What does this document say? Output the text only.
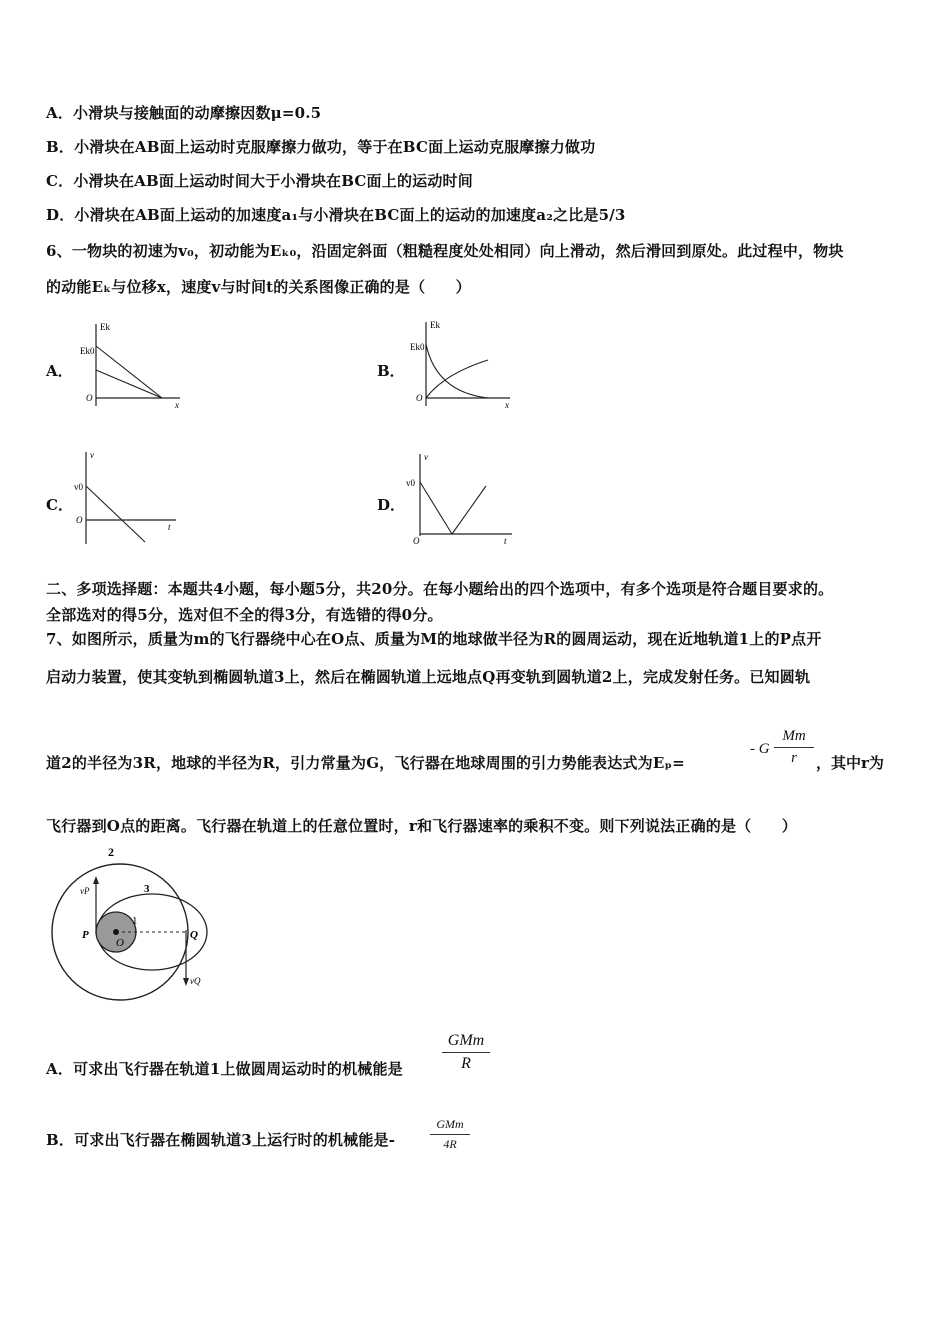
A．小滑块与接触面的动摩擦因数μ=0.5
B．小滑块在AB面上运动时克服摩擦力做功，等于在BC面上运动克服摩擦力做功
C．小滑块在AB面上运动时间大于小滑块在BC面上的运动时间
D．小滑块在AB面上运动的加速度a₁与小滑块在BC面上的运动的加速度a₂之比是5/3
6、一物块的初速为v₀，初动能为Eₖ₀，沿固定斜面（粗糙程度处处相同）向上滑动，然后滑回到原处。此过程中，物块
的动能Eₖ与位移x，速度v与时间t的关系图像正确的是（　　）
A．
Ek
Ek0
O
x
B．
Ek
Ek0
O
x
C．
v
v0
O
t
D．
v
v0
O	t
二、多项选择题：本题共4小题，每小题5分，共20分。在每小题给出的四个选项中，有多个选项是符合题目要求的。
全部选对的得5分，选对但不全的得3分，有选错的得0分。
7、如图所示，质量为m的飞行器绕中心在O点、质量为M的地球做半径为R的圆周运动，现在近地轨道1上的P点开
启动力装置，使其变轨到椭圆轨道3上，然后在椭圆轨道上远地点Q再变轨到圆轨道2上，完成发射任务。已知圆轨
道2的半径为3R，地球的半径为R，引力常量为G，飞行器在地球周围的引力势能表达式为Eₚ=
- G $\frac{Mm}{r}$ ，其中r为
飞行器到O点的距离。飞行器在轨道上的任意位置时，r和飞行器速率的乘积不变。则下列说法正确的是（　　）
2
3
1
P
O
Q
vP
vQ
A．可求出飞行器在轨道1上做圆周运动时的机械能是
GMm
R
B．可求出飞行器在椭圆轨道3上运行时的机械能是-
GMm
4R
